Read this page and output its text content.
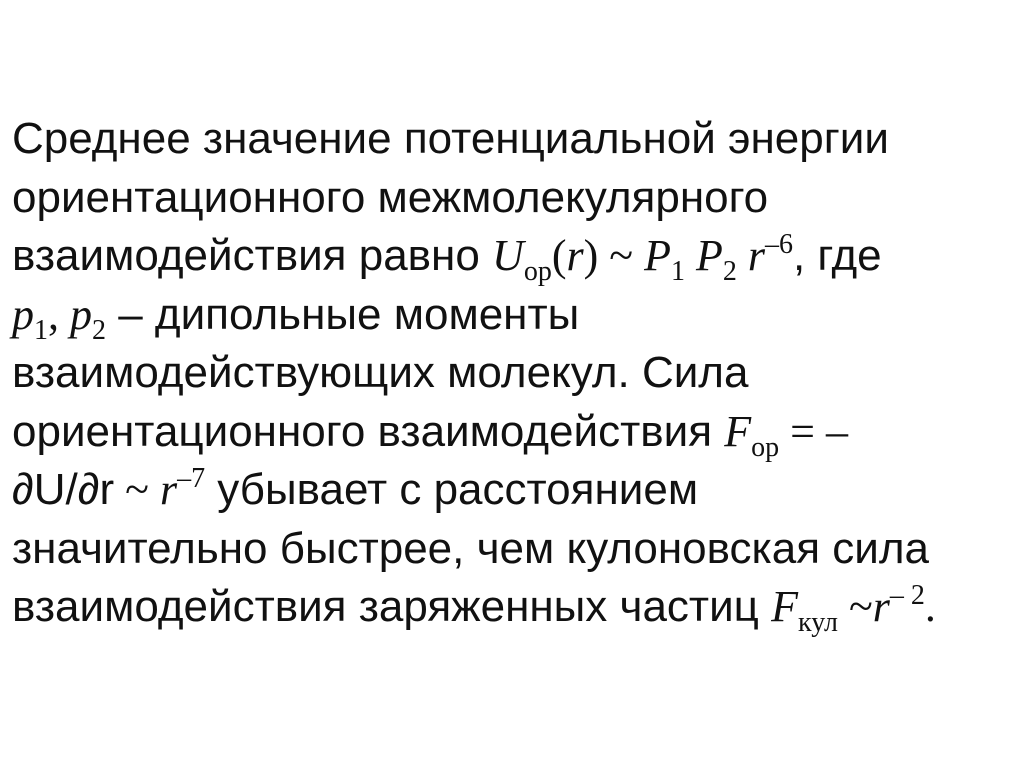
Среднее значение потенциальной энергии
ориентационного межмолекулярного
взаимодействия равно $U_{ор}(r)$ ~ $P_1$ $P_2$ $r^{-6}$, где
$p_1$, $p_2$ – дипольные моменты
взаимодействующих молекул. Сила
ориентационного взаимодействия $F_{ор}$ = –
∂U/∂r ~ $r^{-7}$ убывает с расстоянием
значительно быстрее, чем кулоновская сила
взаимодействия заряженных частиц $F_{кул}$ $\sim r^{- 2}$.
